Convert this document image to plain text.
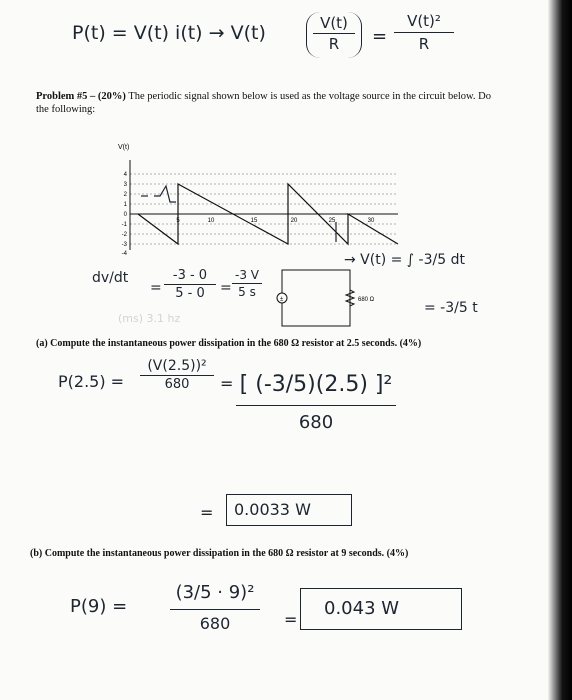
P(t) = V(t) i(t) → V(t)	V(t)
R	=
V(t)²
R
Problem #5 – (20%) The periodic signal shown below is used as the voltage source in the circuit below. Do the following:
V(t)
4
3
2
1
0
-1
-2
-3
-4
5	10	15	20	25	30
dv/dt
=
-3 - 0
5 - 0	=
-3 V
5 s
(ms) 3.1 hz
±	680 Ω
→ V(t) = ∫ -3/5 dt
= -3/5 t
(a) Compute the instantaneous power dissipation in the 680 Ω resistor at 2.5 seconds. (4%)
P(2.5) =
(V(2.5))²
680	= [ (-3/5)(2.5) ]²
680
= 0.0033 W
(b) Compute the instantaneous power dissipation in the 680 Ω resistor at 9 seconds. (4%)
P(9) =
(3/5 · 9)²
680	=
0.043 W
